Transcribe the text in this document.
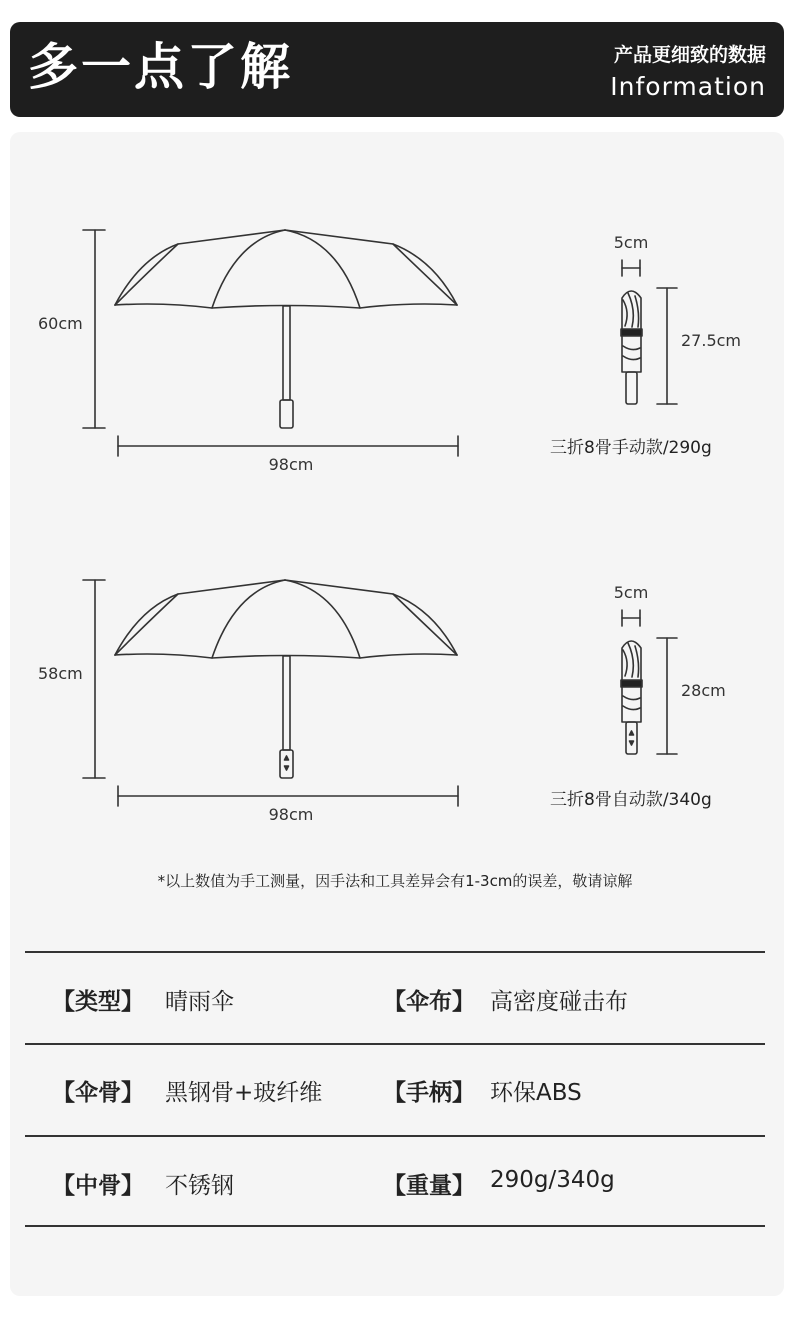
多一点了解	产品更细致的数据
Information
60cm
98cm
5cm
27.5cm
三折8骨手动款/290g
58cm
98cm
5cm
28cm
三折8骨自动款/340g
*以上数值为手工测量，因手法和工具差异会有1-3cm的误差，敬请谅解
【类型】 晴雨伞	【伞布】 高密度碰击布
【伞骨】 黑钢骨+玻纤维	【手柄】 环保ABS
【中骨】 不锈钢	【重量】 290g/340g
